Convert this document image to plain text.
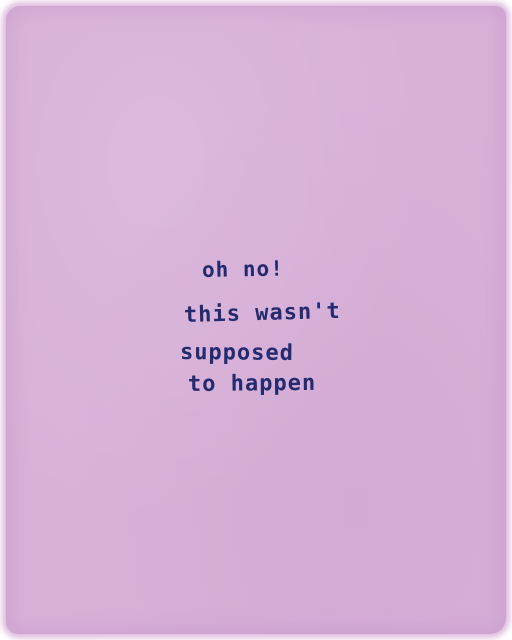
oh no!
this wasn't
supposed
to happen
